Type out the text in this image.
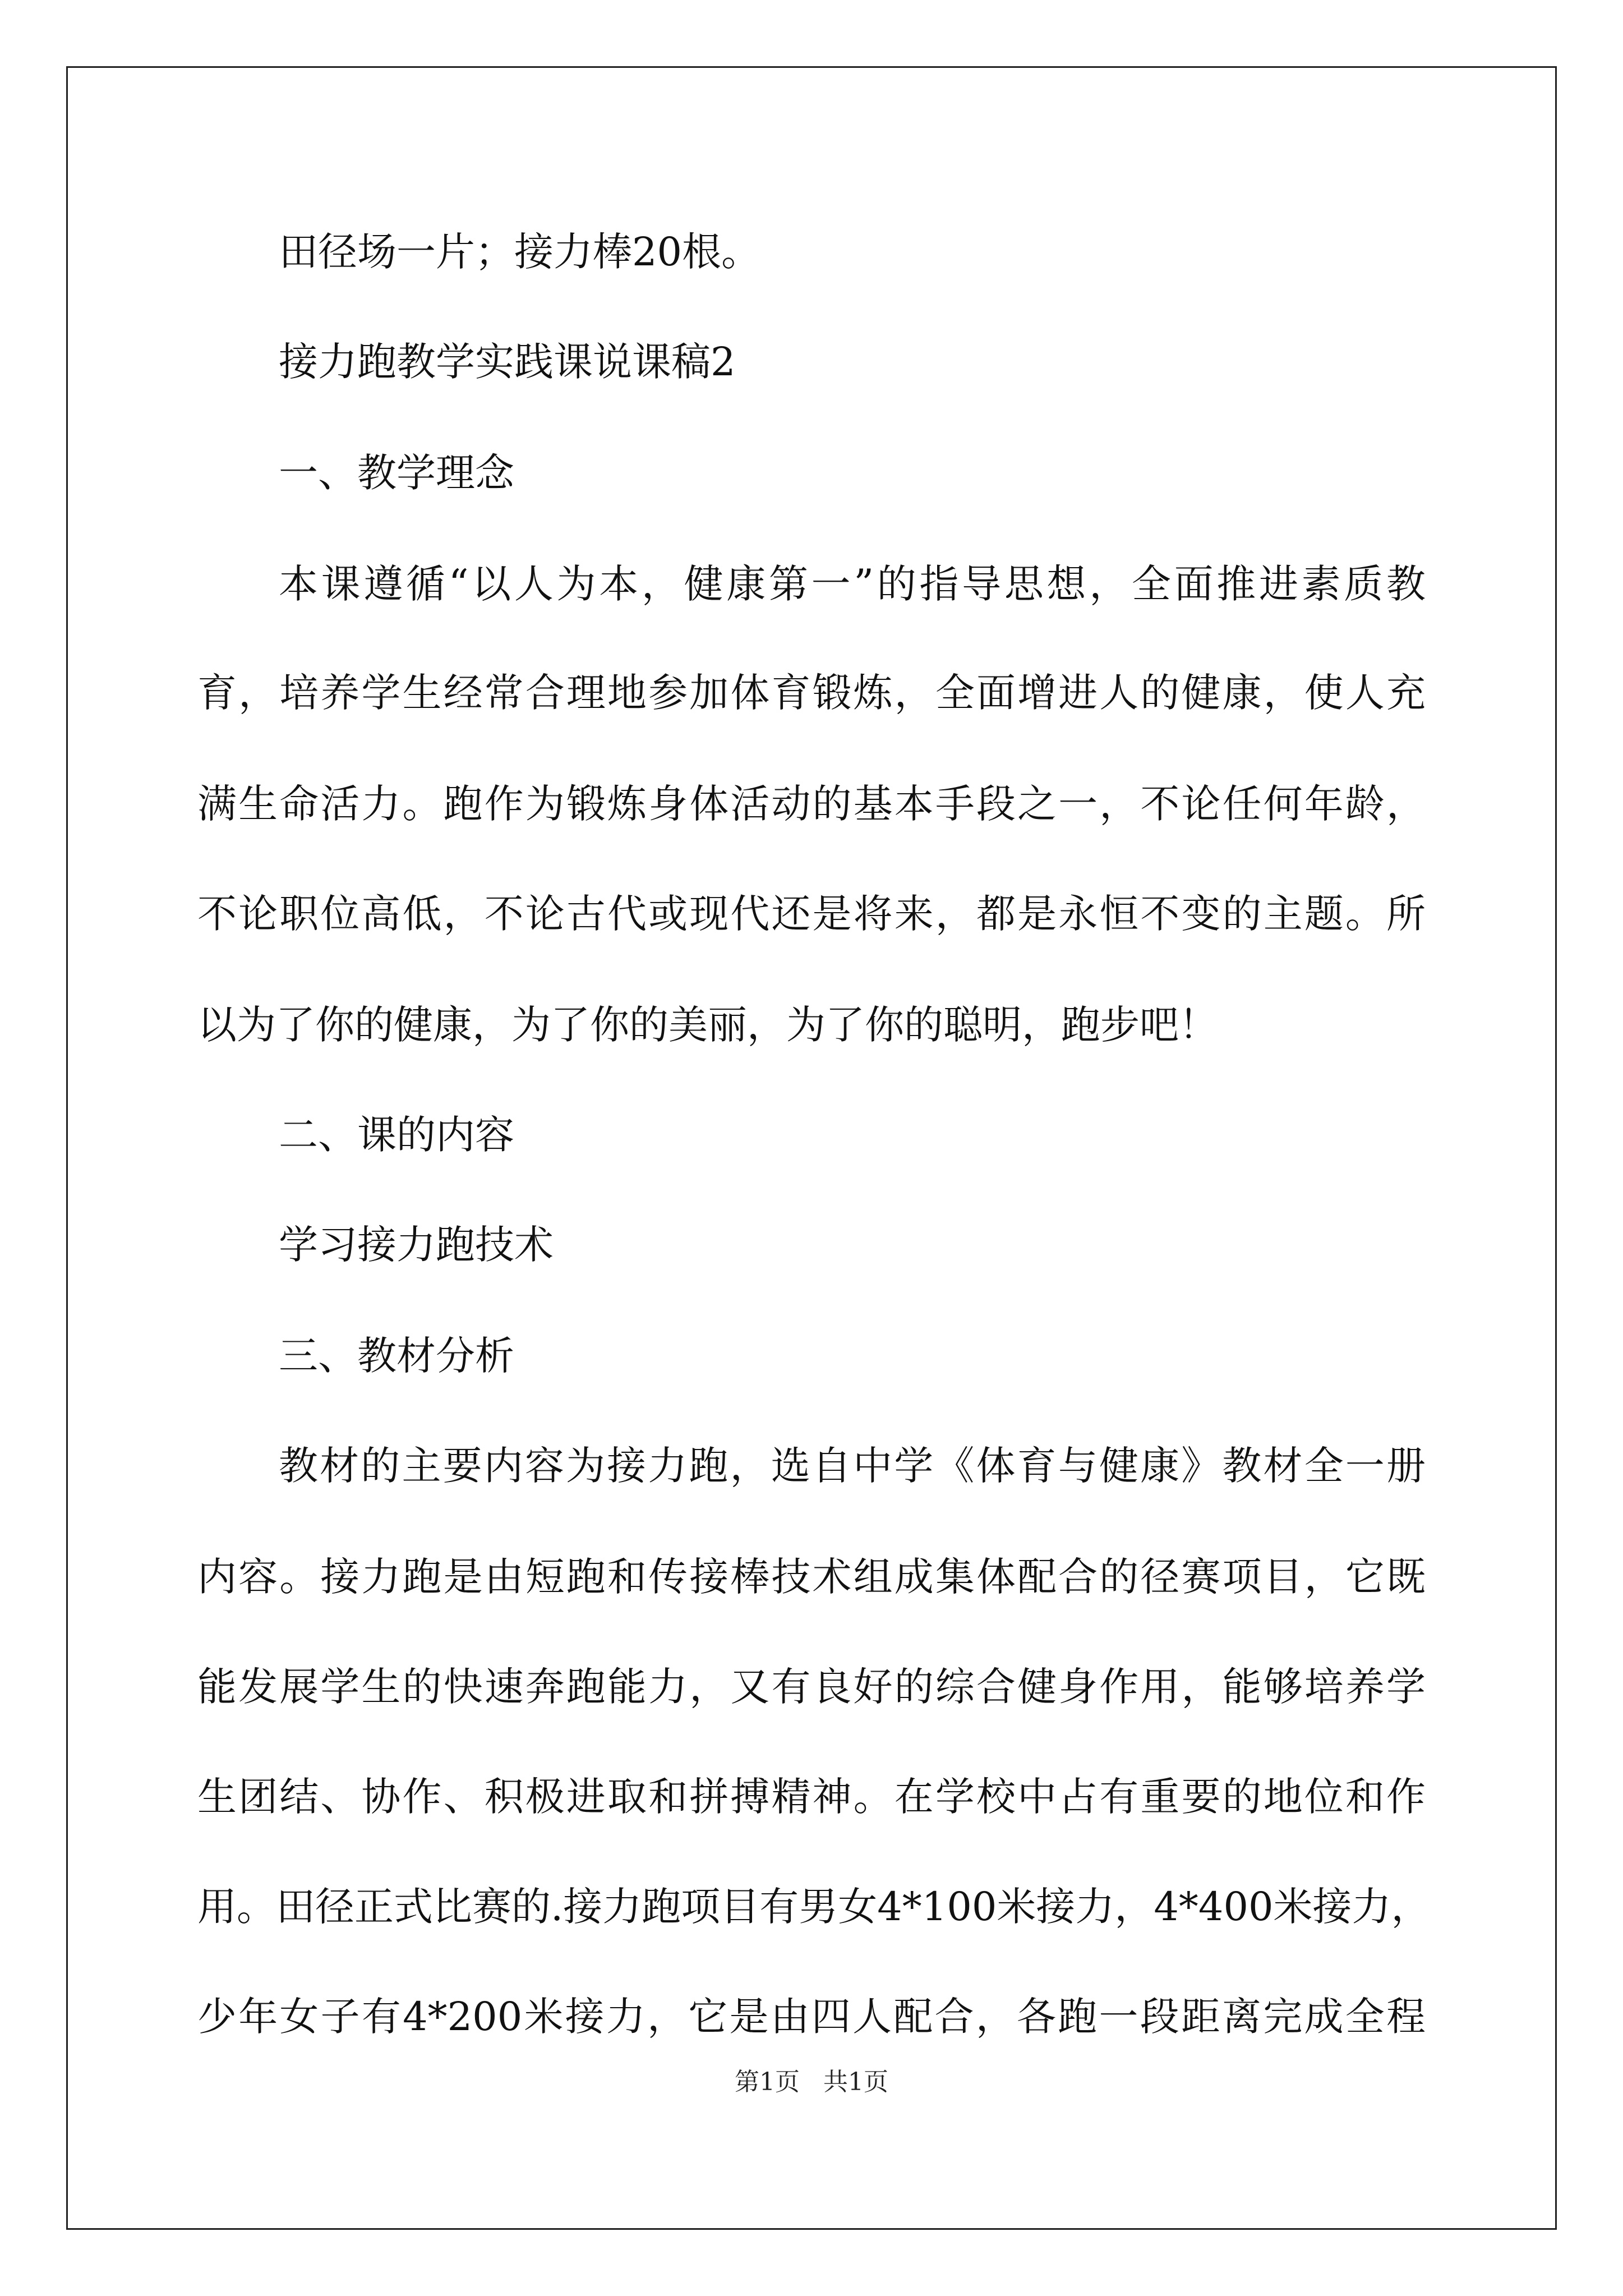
田径场一片；接力棒20根。
接力跑教学实践课说课稿2
一、教学理念
本课遵循“以人为本，健康第一”的指导思想，全面推进素质教
育，培养学生经常合理地参加体育锻炼，全面增进人的健康，使人充
满生命活力。跑作为锻炼身体活动的基本手段之一，不论任何年龄，
不论职位高低，不论古代或现代还是将来，都是永恒不变的主题。所
以为了你的健康，为了你的美丽，为了你的聪明，跑步吧！
二、课的内容
学习接力跑技术
三、教材分析
教材的主要内容为接力跑，选自中学《体育与健康》教材全一册
内容。接力跑是由短跑和传接棒技术组成集体配合的径赛项目，它既
能发展学生的快速奔跑能力，又有良好的综合健身作用，能够培养学
生团结、协作、积极进取和拼搏精神。在学校中占有重要的地位和作
用。田径正式比赛的.接力跑项目有男女4*100米接力，4*400米接力，
少年女子有4*200米接力，它是由四人配合，各跑一段距离完成全程
第1页 共1页
